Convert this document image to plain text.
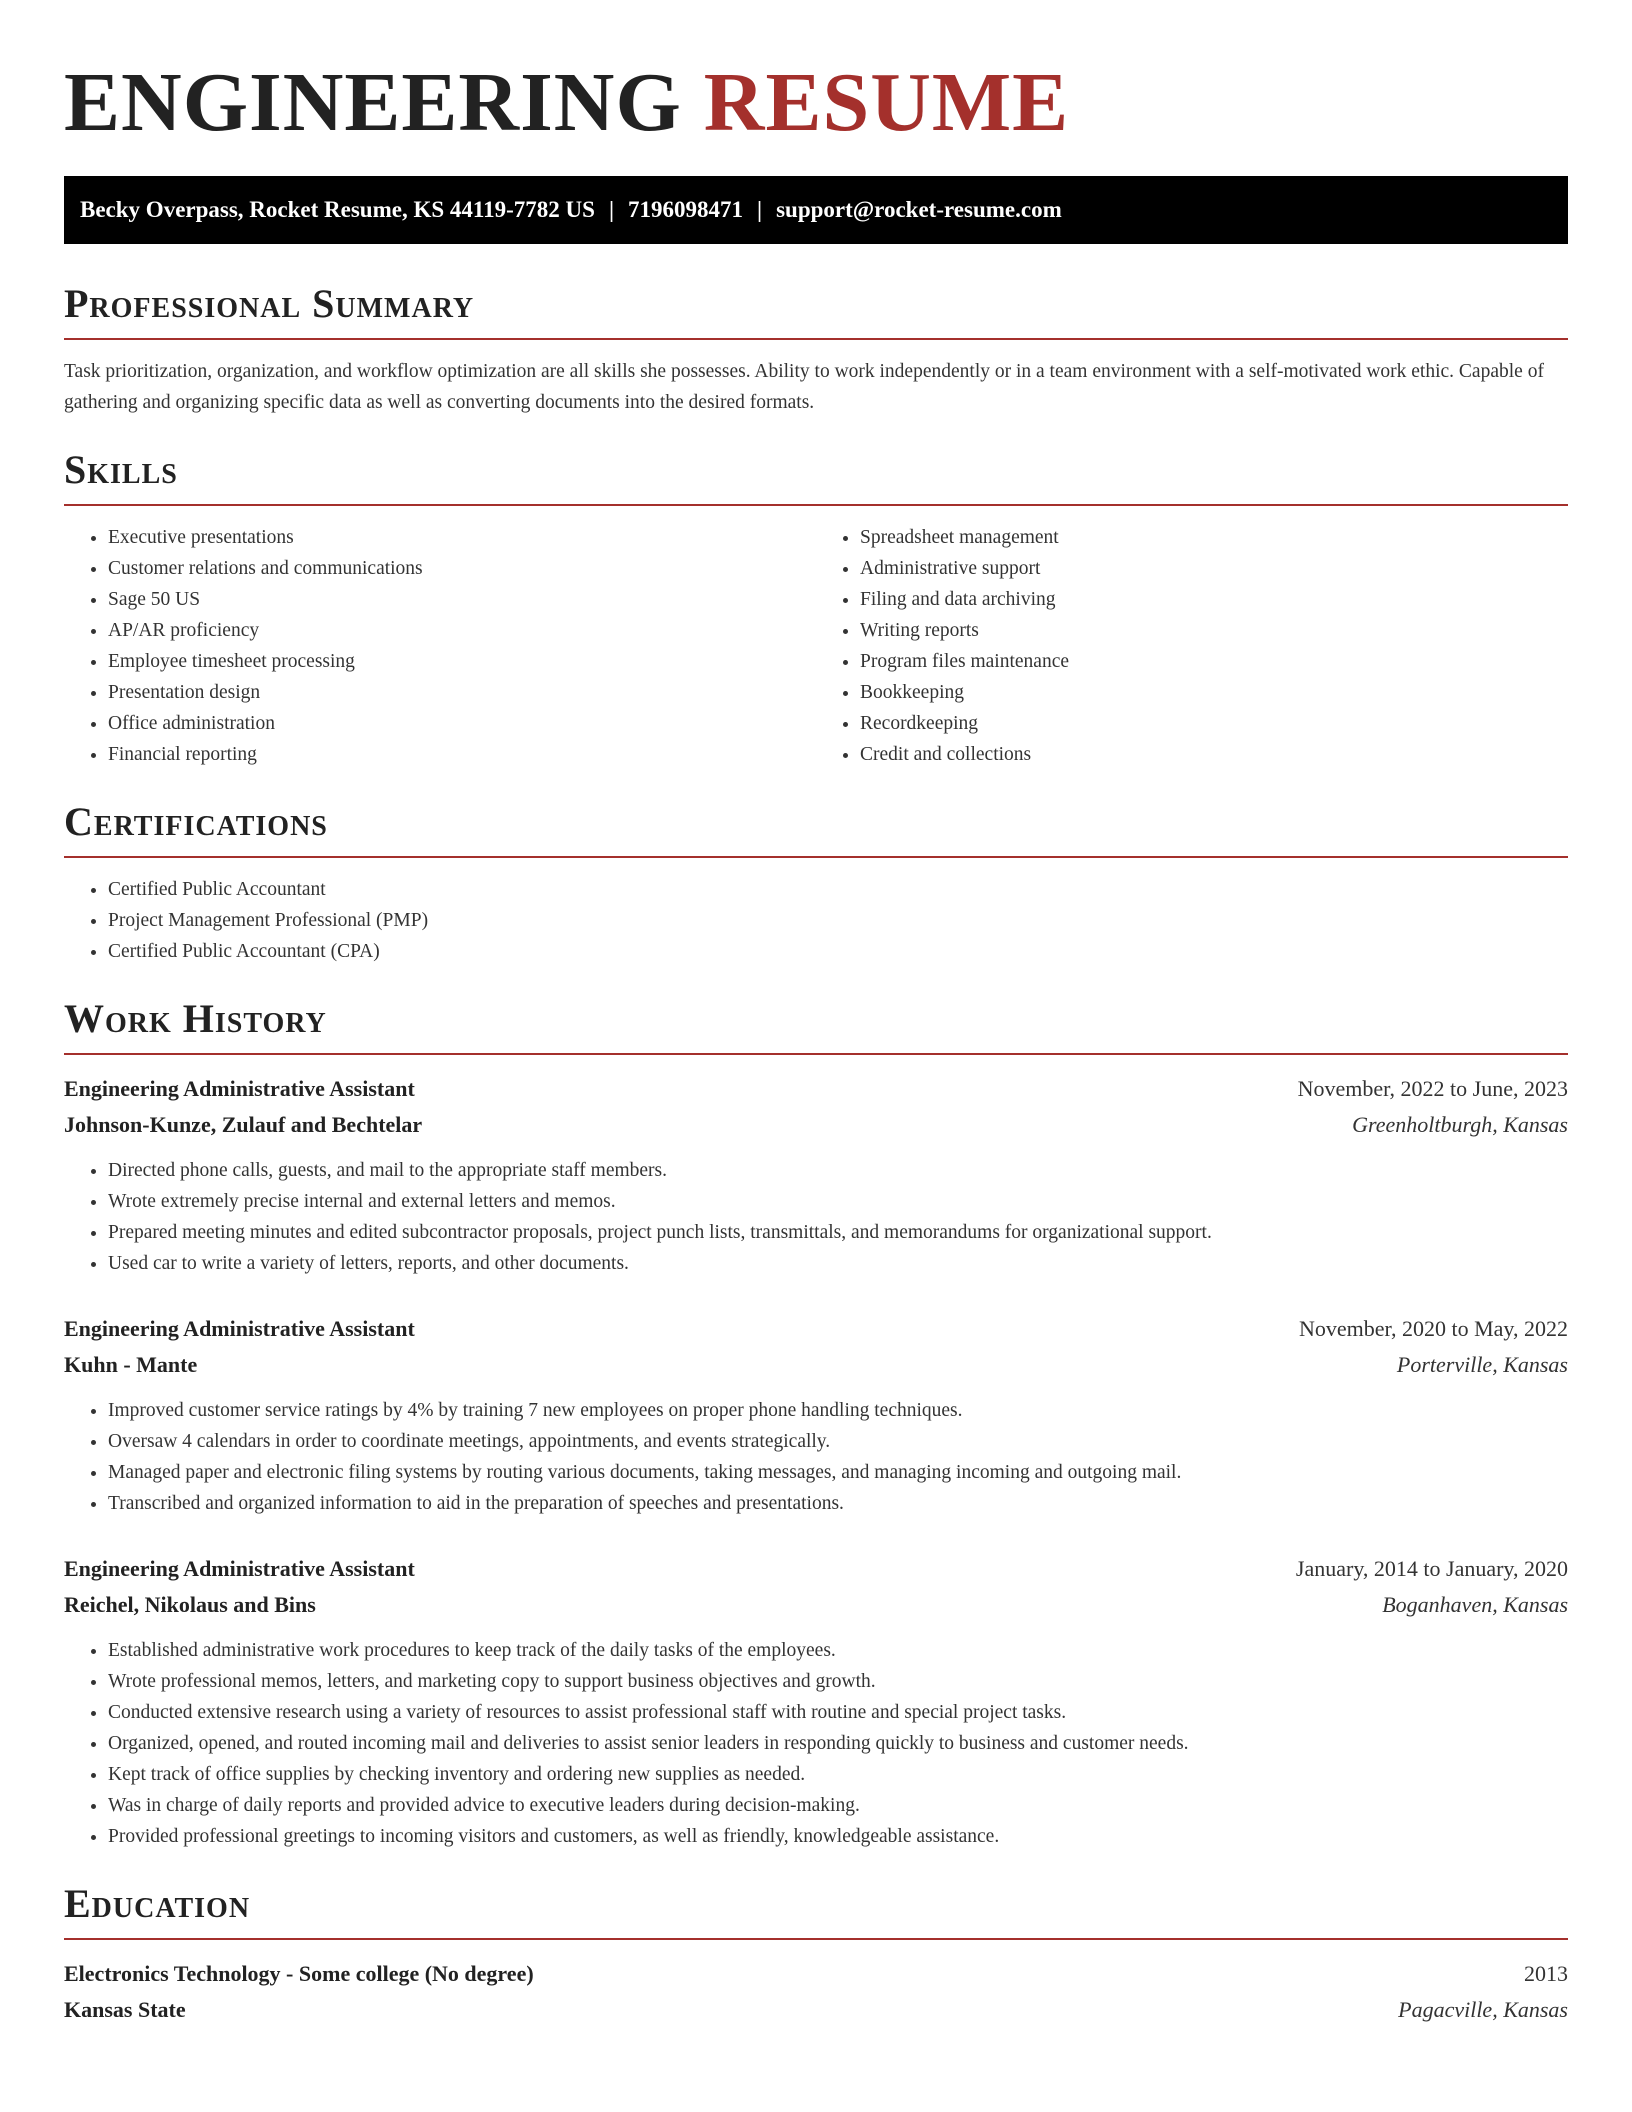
ENGINEERING RESUME
Becky Overpass, Rocket Resume, KS 44119-7782 US | 7196098471 | support@rocket-resume.com
Professional Summary
Task prioritization, organization, and workflow optimization are all skills she possesses. Ability to work independently or in a team environment with a self-motivated work ethic. Capable of gathering and organizing specific data as well as converting documents into the desired formats.
Skills
• Executive presentations
• Customer relations and communications
• Sage 50 US
• AP/AR proficiency
• Employee timesheet processing
• Presentation design
• Office administration
• Financial reporting
• Spreadsheet management
• Administrative support
• Filing and data archiving
• Writing reports
• Program files maintenance
• Bookkeeping
• Recordkeeping
• Credit and collections
Certifications
• Certified Public Accountant
• Project Management Professional (PMP)
• Certified Public Accountant (CPA)
Work History
Engineering Administrative Assistant	November, 2022 to June, 2023
Johnson-Kunze, Zulauf and Bechtelar	Greenholtburgh, Kansas
• Directed phone calls, guests, and mail to the appropriate staff members.
• Wrote extremely precise internal and external letters and memos.
• Prepared meeting minutes and edited subcontractor proposals, project punch lists, transmittals, and memorandums for organizational support.
• Used car to write a variety of letters, reports, and other documents.
Engineering Administrative Assistant	November, 2020 to May, 2022
Kuhn - Mante	Porterville, Kansas
• Improved customer service ratings by 4% by training 7 new employees on proper phone handling techniques.
• Oversaw 4 calendars in order to coordinate meetings, appointments, and events strategically.
• Managed paper and electronic filing systems by routing various documents, taking messages, and managing incoming and outgoing mail.
• Transcribed and organized information to aid in the preparation of speeches and presentations.
Engineering Administrative Assistant	January, 2014 to January, 2020
Reichel, Nikolaus and Bins	Boganhaven, Kansas
• Established administrative work procedures to keep track of the daily tasks of the employees.
• Wrote professional memos, letters, and marketing copy to support business objectives and growth.
• Conducted extensive research using a variety of resources to assist professional staff with routine and special project tasks.
• Organized, opened, and routed incoming mail and deliveries to assist senior leaders in responding quickly to business and customer needs.
• Kept track of office supplies by checking inventory and ordering new supplies as needed.
• Was in charge of daily reports and provided advice to executive leaders during decision-making.
• Provided professional greetings to incoming visitors and customers, as well as friendly, knowledgeable assistance.
Education
Electronics Technology - Some college (No degree)	2013
Kansas State	Pagacville, Kansas
